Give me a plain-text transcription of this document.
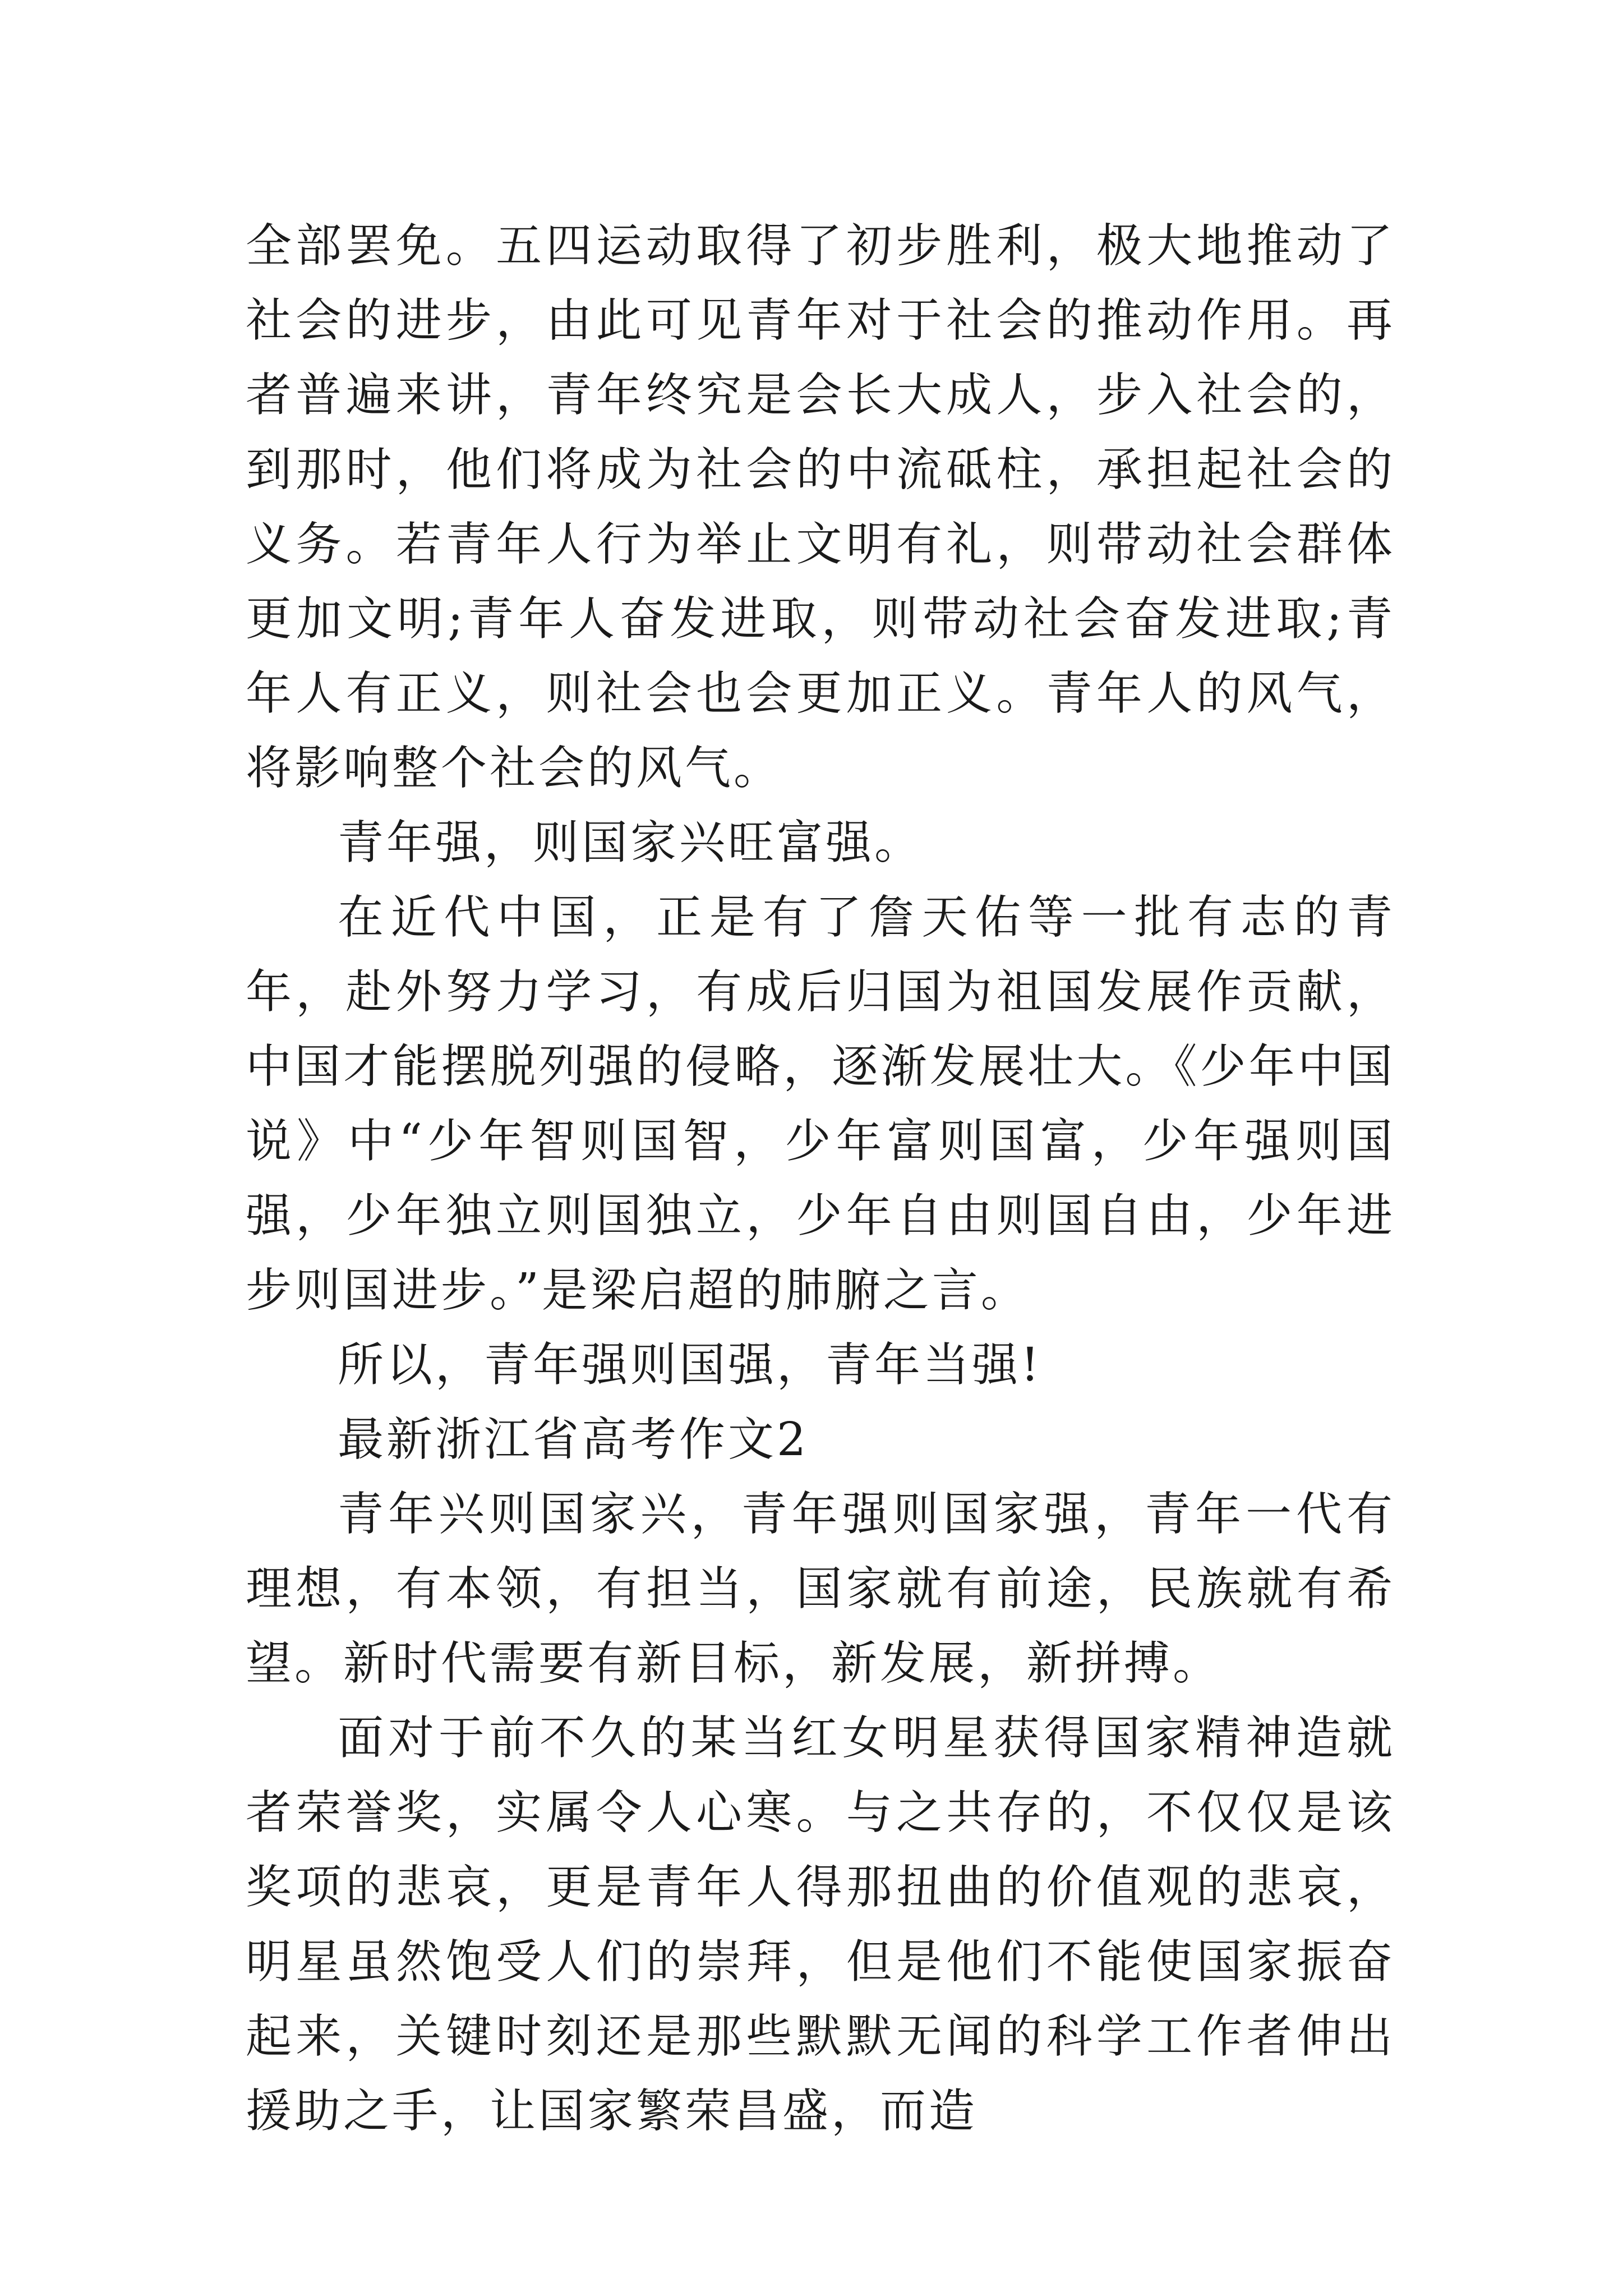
全部罢免。五四运动取得了初步胜利，极大地推动了社会的进步，由此可见青年对于社会的推动作用。再者普遍来讲，青年终究是会长大成人，步入社会的，到那时，他们将成为社会的中流砥柱，承担起社会的义务。若青年人行为举止文明有礼，则带动社会群体更加文明;青年人奋发进取，则带动社会奋发进取;青年人有正义，则社会也会更加正义。青年人的风气，将影响整个社会的风气。

青年强，则国家兴旺富强。

在近代中国，正是有了詹天佑等一批有志的青年，赴外努力学习，有成后归国为祖国发展作贡献，中国才能摆脱列强的侵略，逐渐发展壮大。《少年中国说》中“少年智则国智，少年富则国富，少年强则国强，少年独立则国独立，少年自由则国自由，少年进步则国进步。”是梁启超的肺腑之言。

所以，青年强则国强，青年当强!

最新浙江省高考作文2

青年兴则国家兴，青年强则国家强，青年一代有理想，有本领，有担当，国家就有前途，民族就有希望。新时代需要有新目标，新发展，新拼搏。

面对于前不久的某当红女明星获得国家精神造就者荣誉奖，实属令人心寒。与之共存的，不仅仅是该奖项的悲哀，更是青年人得那扭曲的价值观的悲哀，明星虽然饱受人们的崇拜，但是他们不能使国家振奋起来，关键时刻还是那些默默无闻的科学工作者伸出援助之手，让国家繁荣昌盛，而造
